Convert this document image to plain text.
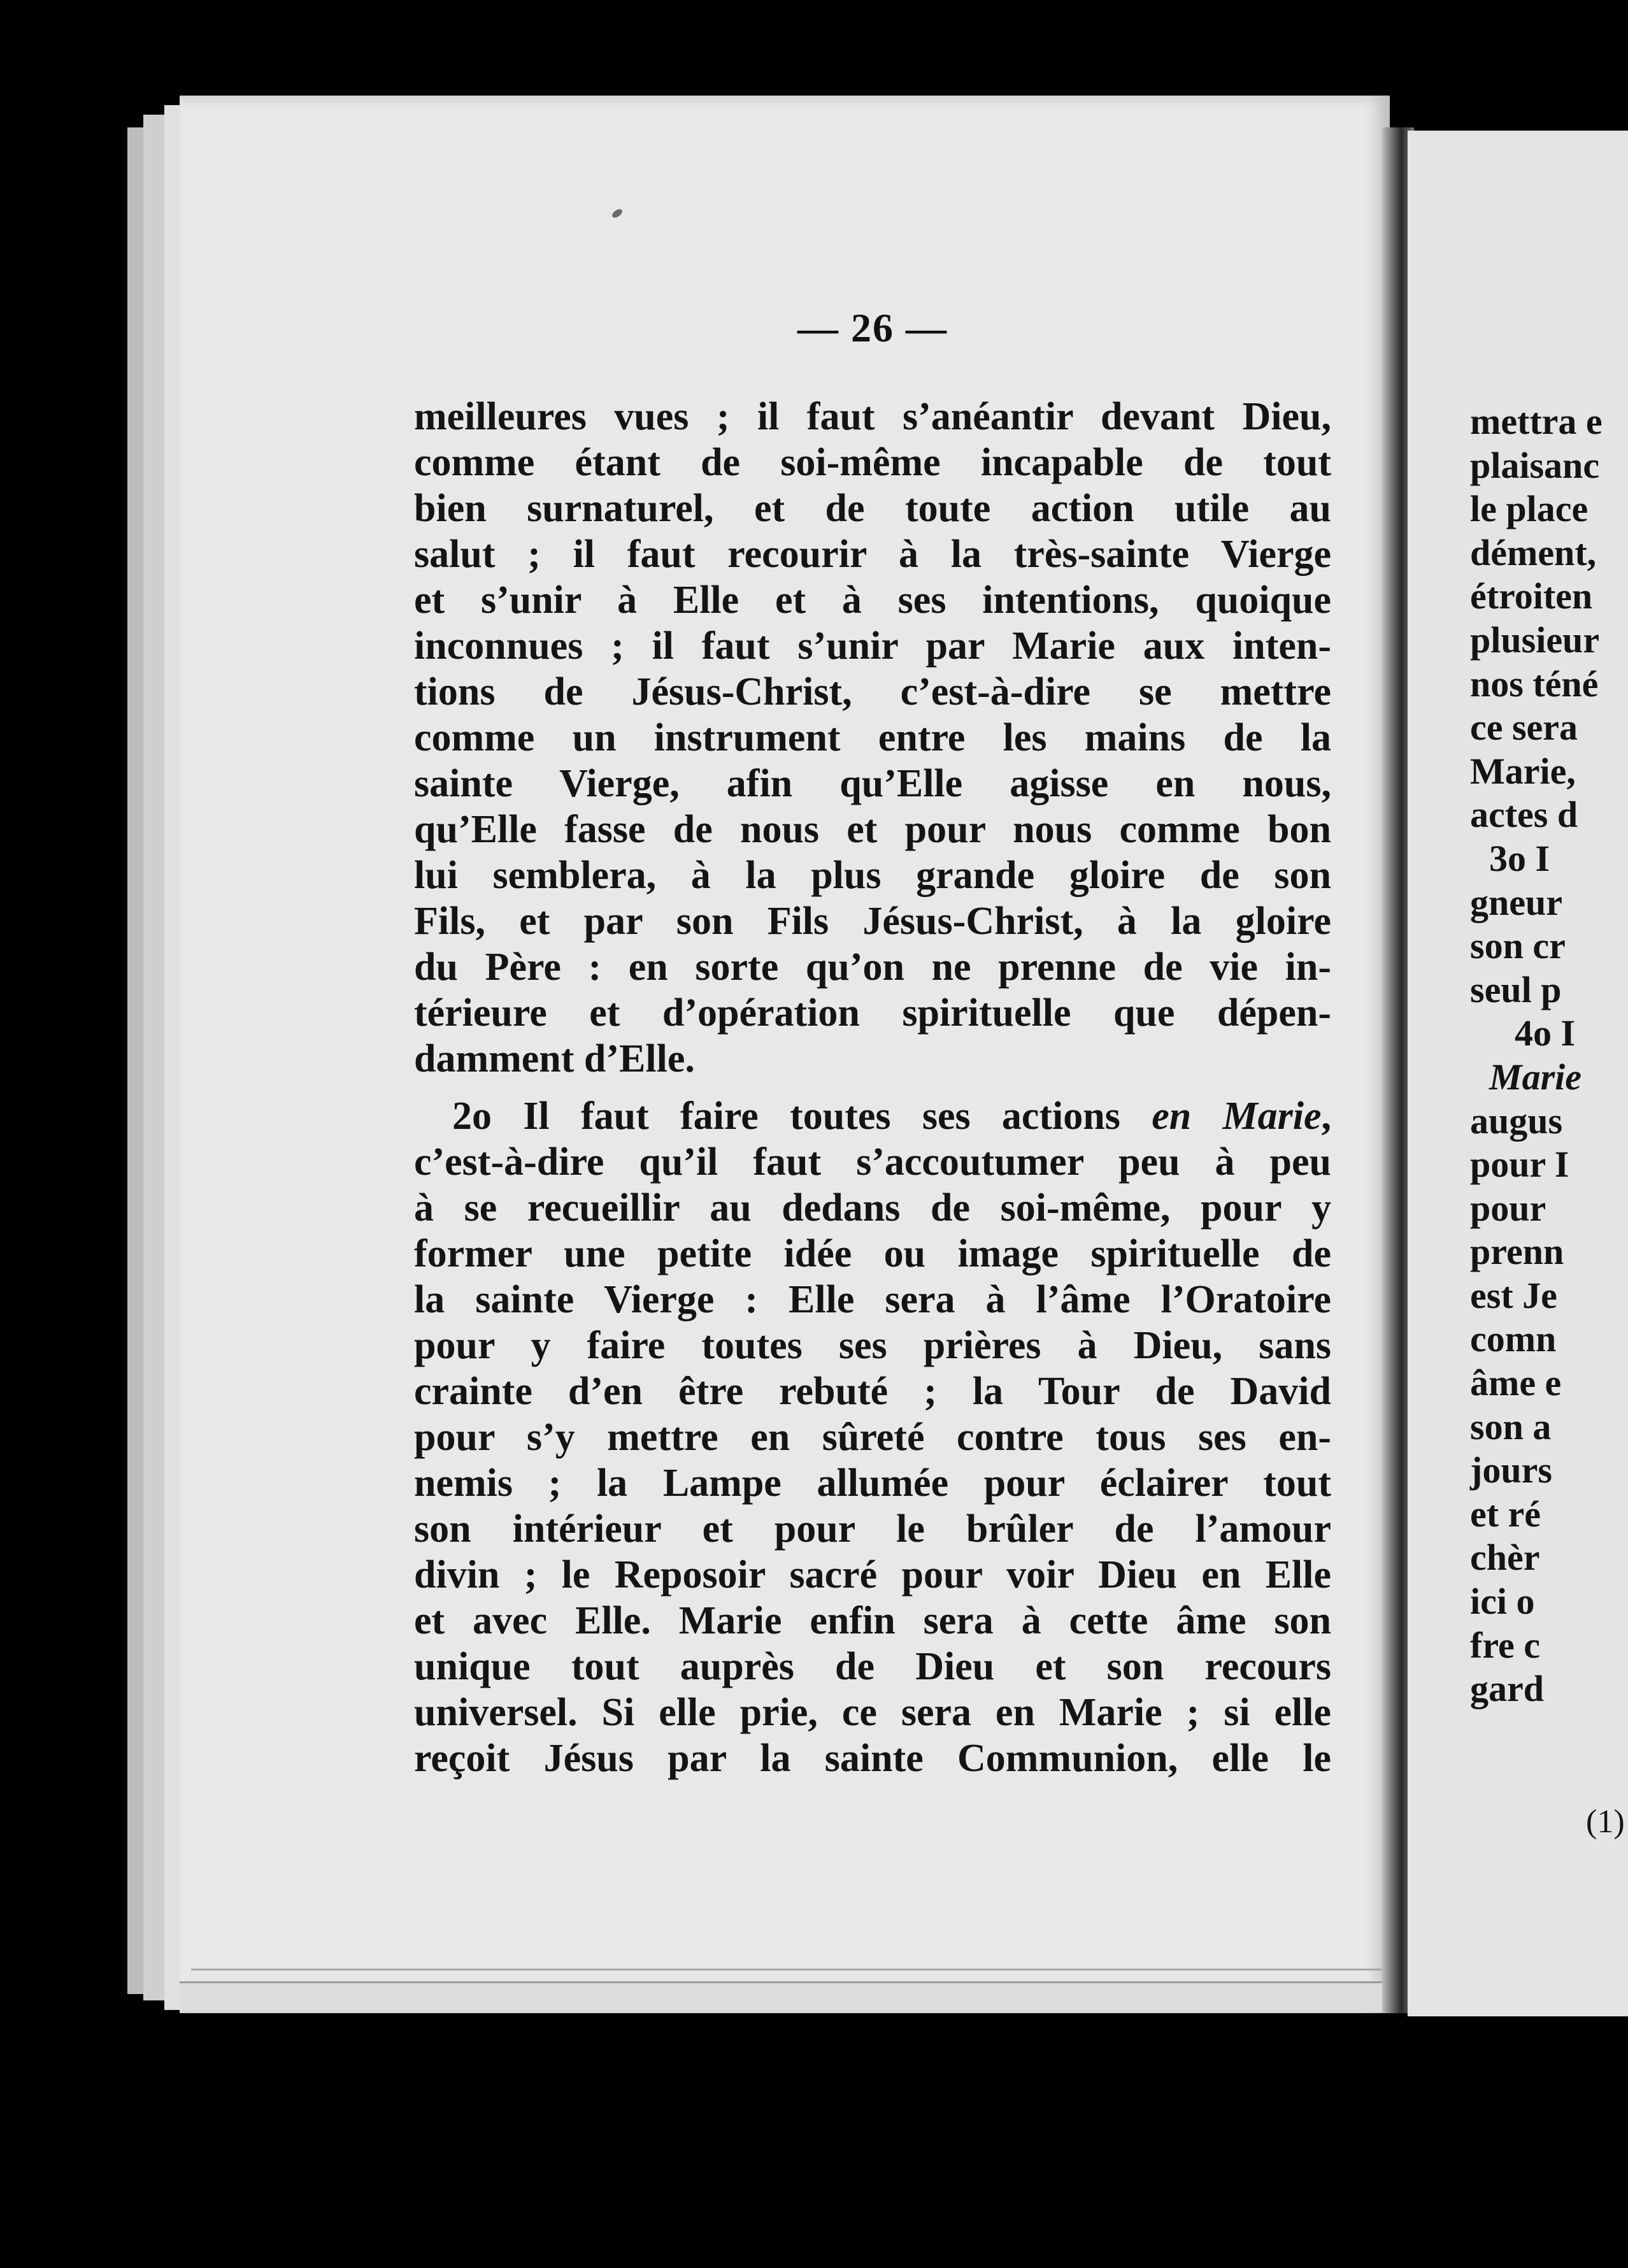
— 26 —
meilleures vues ; il faut s’anéantir devant Dieu,
comme étant de soi-même incapable de tout
bien surnaturel, et de toute action utile au
salut ; il faut recourir à la très-sainte Vierge
et s’unir à Elle et à ses intentions, quoique
inconnues ; il faut s’unir par Marie aux inten-
tions de Jésus-Christ, c’est-à-dire se mettre
comme un instrument entre les mains de la
sainte Vierge, afin qu’Elle agisse en nous,
qu’Elle fasse de nous et pour nous comme bon
lui semblera, à la plus grande gloire de son
Fils, et par son Fils Jésus-Christ, à la gloire
du Père : en sorte qu’on ne prenne de vie in-
térieure et d’opération spirituelle que dépen-
damment d’Elle.
2o Il faut faire toutes ses actions en Marie,
c’est-à-dire qu’il faut s’accoutumer peu à peu
à se recueillir au dedans de soi-même, pour y
former une petite idée ou image spirituelle de
la sainte Vierge : Elle sera à l’âme l’Oratoire
pour y faire toutes ses prières à Dieu, sans
crainte d’en être rebuté ; la Tour de David
pour s’y mettre en sûreté contre tous ses en-
nemis ; la Lampe allumée pour éclairer tout
son intérieur et pour le brûler de l’amour
divin ; le Reposoir sacré pour voir Dieu en Elle
et avec Elle. Marie enfin sera à cette âme son
unique tout auprès de Dieu et son recours
universel. Si elle prie, ce sera en Marie ; si elle
reçoit Jésus par la sainte Communion, elle le
mettra e
plaisanc
le place
dément,
étroiten
plusieur
nos téné
ce sera
Marie,
actes d
3o I
gneur
son cr
seul p
4o I
Marie
augus
pour I
pour
prenn
est Je
comn
âme e
son a
jours
et ré
chèr
ici o
fre c
gard
(1)
